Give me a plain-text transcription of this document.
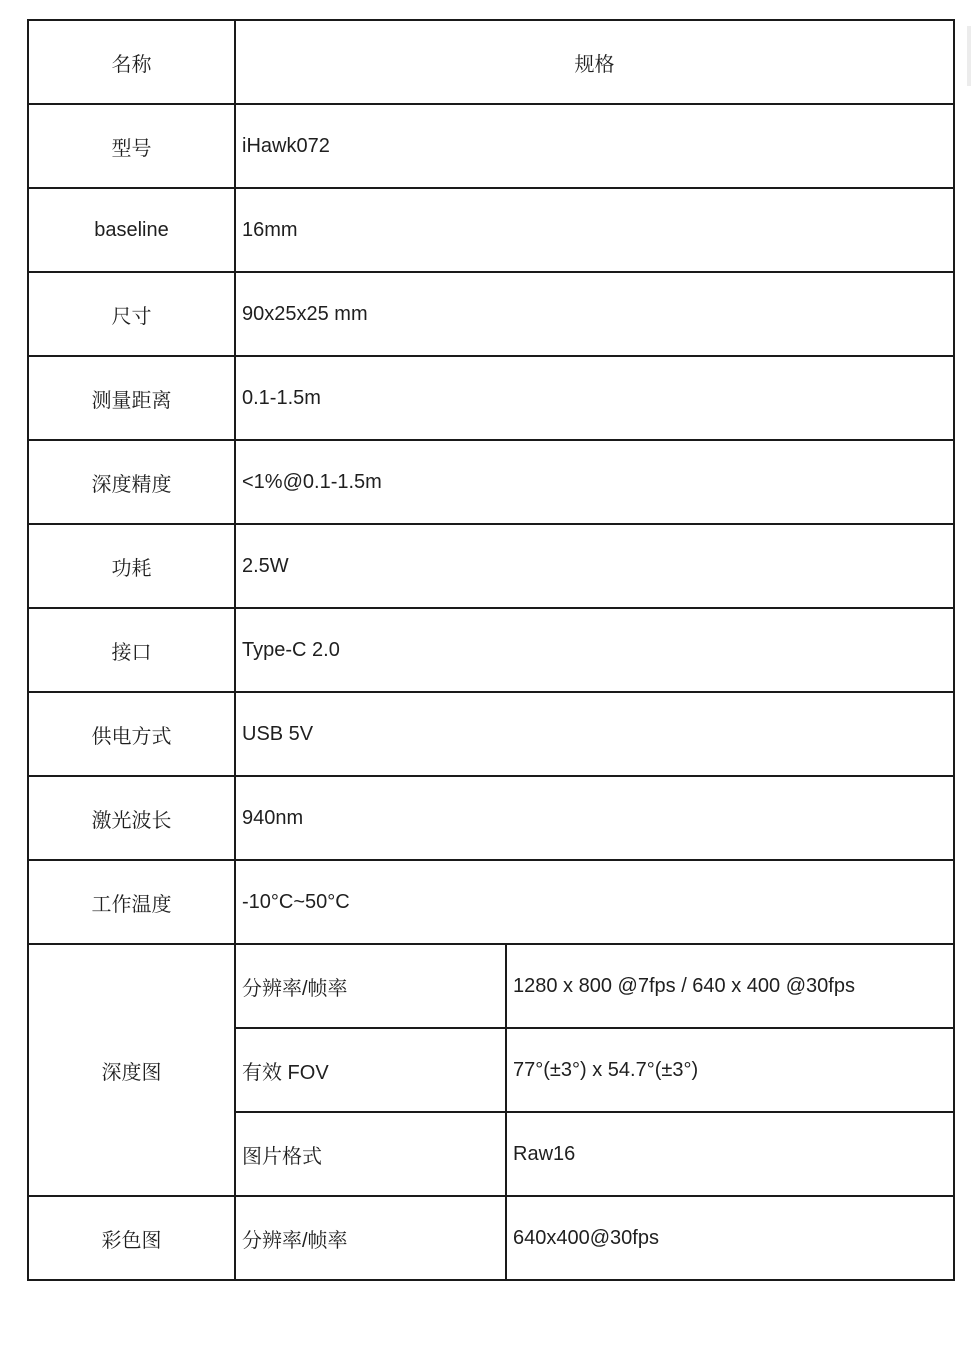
名称	规格	
型号	iHawk072	
baseline	16mm	
尺寸	90x25x25 mm	
测量距离	0.1-1.5m	
深度精度	<1%@0.1-1.5m	
功耗	2.5W	
接口	Type-C 2.0	
供电方式	USB 5V	
激光波长	940nm	
工作温度	-10°C~50°C	
深度图	分辨率/帧率	1280 x 800 @7fps / 640 x 400 @30fps
	有效 FOV	77°(±3°) x 54.7°(±3°)
	图片格式	Raw16
彩色图	分辨率/帧率	640x400@30fps
